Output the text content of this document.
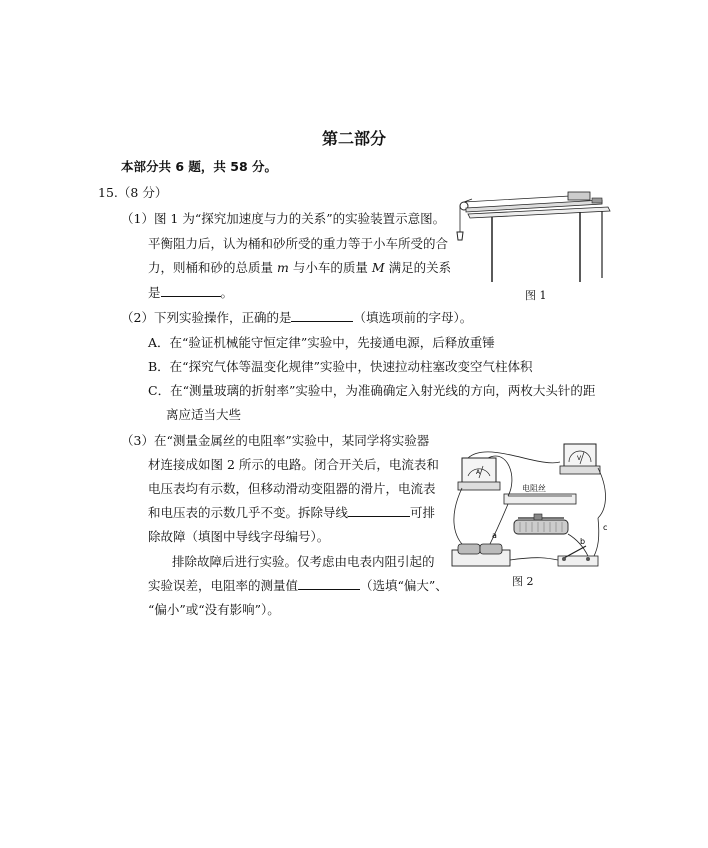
第二部分
本部分共 6 题，共 58 分。
15.（8 分）
（1）图 1 为“探究加速度与力的关系”的实验装置示意图。
平衡阻力后，认为桶和砂所受的重力等于小车所受的合
力，则桶和砂的总质量 m 与小车的质量 M 满足的关系
是	。	图 1
（2）下列实验操作，正确的是	（填选项前的字母）。
A．在“验证机械能守恒定律”实验中，先接通电源，后释放重锤
B．在“探究气体等温变化规律”实验中，快速拉动柱塞改变空气柱体积
C．在“测量玻璃的折射率”实验中，为准确确定入射光线的方向，两枚大头针的距
离应适当大些
（3）在“测量金属丝的电阻率”实验中，某同学将实验器
材连接成如图 2 所示的电路。闭合开关后，电流表和
电压表均有示数，但移动滑动变阻器的滑片，电流表
和电压表的示数几乎不变。拆除导线	可排
除故障（填图中导线字母编号）。
排除故障后进行实验。仅考虑由电表内阻引起的
实验误差，电阻率的测量值	（选填“偏大”、
“偏小”或“没有影响”）。
A
V
电阻丝
c
a
b
图 2
